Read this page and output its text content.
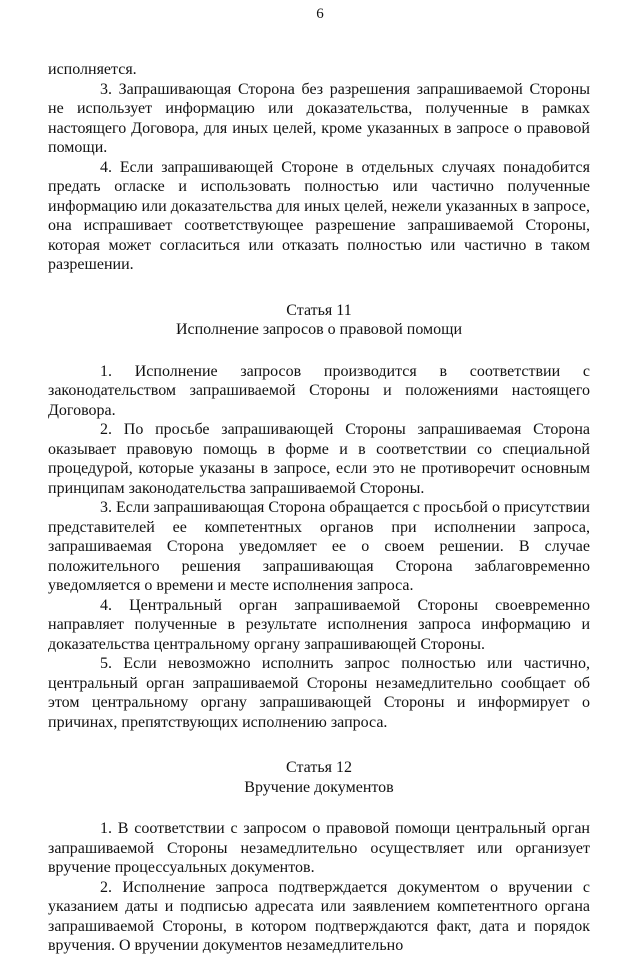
6

исполняется.

3. Запрашивающая Сторона без разрешения запрашиваемой Стороны не использует информацию или доказательства, полученные в рамках настоящего Договора, для иных целей, кроме указанных в запросе о правовой помощи.

4. Если запрашивающей Стороне в отдельных случаях понадобится предать огласке и использовать полностью или частично полученные информацию или доказательства для иных целей, нежели указанных в запросе, она испрашивает соответствующее разрешение запрашиваемой Стороны, которая может согласиться или отказать полностью или частично в таком разрешении.

Статья 11
Исполнение запросов о правовой помощи

1. Исполнение запросов производится в соответствии с законодательством запрашиваемой Стороны и положениями настоящего Договора.

2. По просьбе запрашивающей Стороны запрашиваемая Сторона оказывает правовую помощь в форме и в соответствии со специальной процедурой, которые указаны в запросе, если это не противоречит основным принципам законодательства запрашиваемой Стороны.

3. Если запрашивающая Сторона обращается с просьбой о присутствии представителей ее компетентных органов при исполнении запроса, запрашиваемая Сторона уведомляет ее о своем решении. В случае положительного решения запрашивающая Сторона заблаговременно уведомляется о времени и месте исполнения запроса.

4. Центральный орган запрашиваемой Стороны своевременно направляет полученные в результате исполнения запроса информацию и доказательства центральному органу запрашивающей Стороны.

5. Если невозможно исполнить запрос полностью или частично, центральный орган запрашиваемой Стороны незамедлительно сообщает об этом центральному органу запрашивающей Стороны и информирует о причинах, препятствующих исполнению запроса.

Статья 12
Вручение документов

1. В соответствии с запросом о правовой помощи центральный орган запрашиваемой Стороны незамедлительно осуществляет или организует вручение процессуальных документов.

2. Исполнение запроса подтверждается документом о вручении с указанием даты и подписью адресата или заявлением компетентного органа запрашиваемой Стороны, в котором подтверждаются факт, дата и порядок вручения. О вручении документов незамедлительно
